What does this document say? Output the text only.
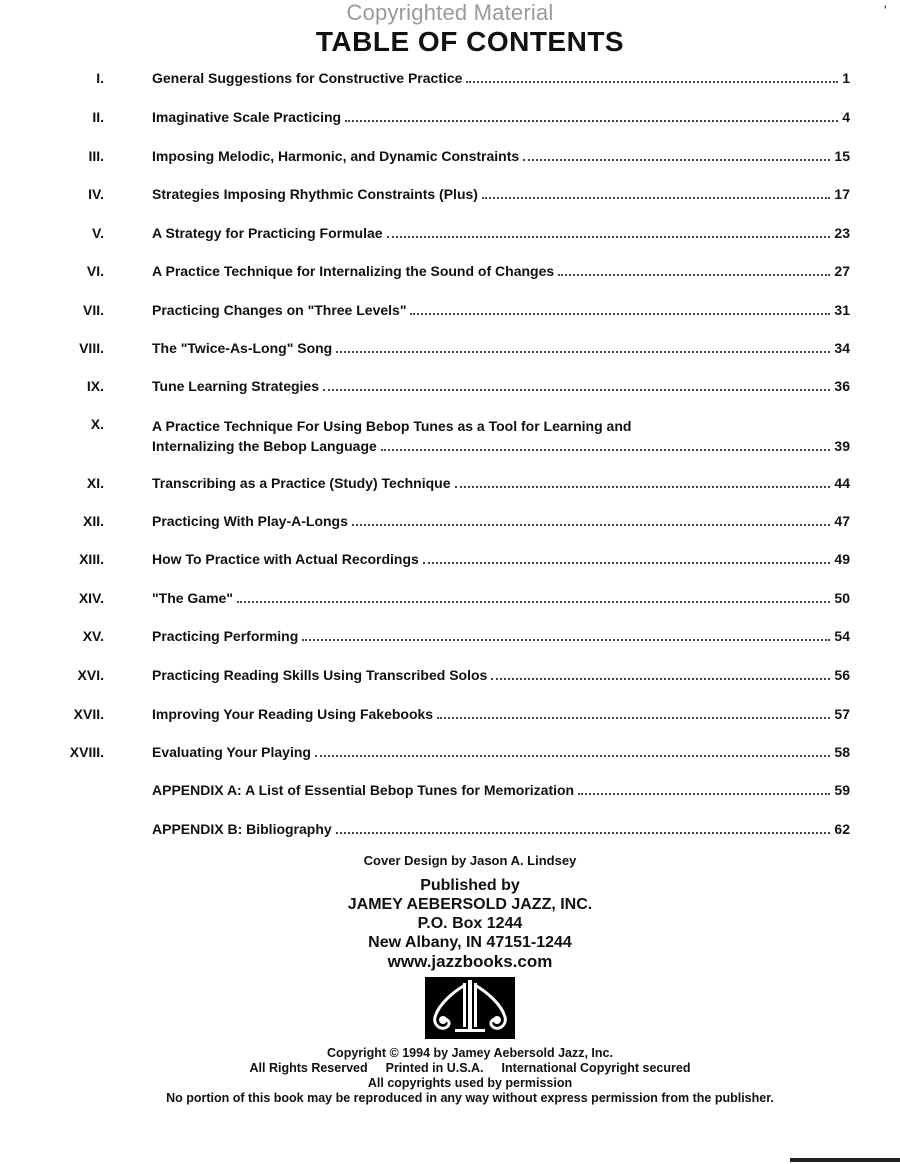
Copyrighted Material	'
TABLE OF CONTENTS
I.	General Suggestions for Constructive Practice	1
II.	Imaginative Scale Practicing	4
III.	Imposing Melodic, Harmonic, and Dynamic Constraints	15
IV.	Strategies Imposing Rhythmic Constraints (Plus)	17
V.	A Strategy for Practicing Formulae	23
VI.	A Practice Technique for Internalizing the Sound of Changes	27
VII.	Practicing Changes on "Three Levels"	31
VIII.	The "Twice-As-Long" Song	34
IX.	Tune Learning Strategies	36
X.	A Practice Technique For Using Bebop Tunes as a Tool for Learning and
Internalizing the Bebop Language	39
XI.	Transcribing as a Practice (Study) Technique	44
XII.	Practicing With Play-A-Longs	47
XIII.	How To Practice with Actual Recordings	49
XIV.	"The Game"	50
XV.	Practicing Performing	54
XVI.	Practicing Reading Skills Using Transcribed Solos	56
XVII.	Improving Your Reading Using Fakebooks	57
XVIII.	Evaluating Your Playing	58
APPENDIX A: A List of Essential Bebop Tunes for Memorization	59
APPENDIX B: Bibliography	62
Cover Design by Jason A. Lindsey
Published by
JAMEY AEBERSOLD JAZZ, INC.
P.O. Box 1244
New Albany, IN 47151-1244
www.jazzbooks.com
Copyright © 1994 by Jamey Aebersold Jazz, Inc.
All Rights Reserved Printed in U.S.A. International Copyright secured
All copyrights used by permission
No portion of this book may be reproduced in any way without express permission from the publisher.
